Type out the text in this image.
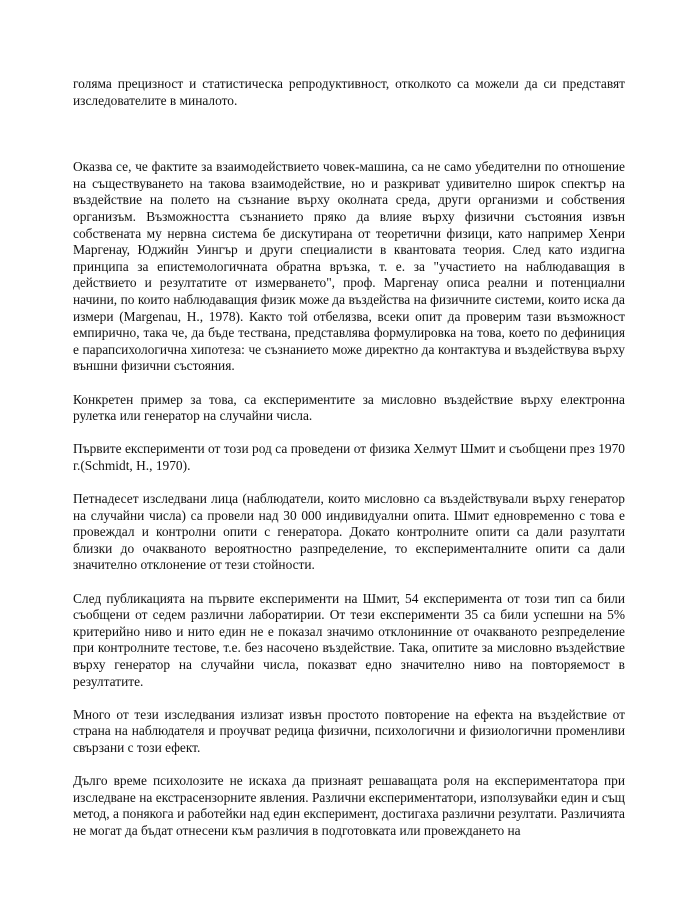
голяма прецизност и статистическа репродуктивност, отколкото са можели да си представят изследователите в миналото.

Оказва се, че фактите за взаимодействието човек-машина, са не само убедителни по отношение на съществуването на такова взаимодействие, но и разкриват удивително широк спектър на въздействие на полето на съзнание върху околната среда, други организми и собствения организъм. Възможността съзнанието пряко да влияе върху физични състояния извън собствената му нервна система бе дискутирана от теоретични физици, като например Хенри Маргенау, Юджийн Уингър и други специалисти в квантовата теория. След като издигна принципа за епистемологичната обратна връзка, т. е. за "участието на наблюдаващия в действието и резултатите от измерването", проф. Маргенау описа реални и потенциални начини, по които наблюдаващия физик може да въздейства на физичните системи, които иска да измери (Margenau, H., 1978). Както той отбелязва, всеки опит да проверим тази възможност емпирично, така че, да бъде тествана, представлява формулировка на това, което по дефиниция е парапсихологична хипотеза: че съзнанието може директно да контактува и въздействува върху външни физични състояния.

Конкретен пример за това, са експериментите за мисловно въздействие върху електронна рулетка или генератор на случайни числа.

Първите експерименти от този род са проведени от физика Хелмут Шмит и съобщени през 1970 г.(Schmidt, H., 1970).

Петнадесет изследвани лица (наблюдатели, които мисловно са въздействували върху генератор на случайни числа) са провели над 30 000 индивидуални опита. Шмит едновременно с това е провеждал и контролни опити с генератора. Докато контролните опити са дали разултати близки до очакваното вероятностно разпределение, то експерименталните опити са дали значително отклонение от тези стойности.

След публикацията на първите експерименти на Шмит, 54 експеримента от този тип са били съобщени от седем различни лаборатирии. От тези експерименти 35 са били успешни на 5% критерийно ниво и нито един не е показал значимо отклонинние от очакваното резпределение при контролните тестове, т.е. без насочено въздействие. Така, опитите за мисловно въздействие върху генератор на случайни числа, показват едно значително ниво на повторяемост в резултатите.

Много от тези изследвания излизат извън простото повторение на ефекта на въздействие от страна на наблюдателя и проучват редица физични, психологични и физиологични променливи свързани с този ефект.

Дълго време психолозите не искаха да признаят решаващата роля на експериментатора при изследване на екстрасензорните явления. Различни експериментатори, използувайки един и същ метод, а понякога и работейки над един експеримент, достигаха различни резултати. Различията не могат да бъдат отнесени към различия в подготовката или провеждането на
